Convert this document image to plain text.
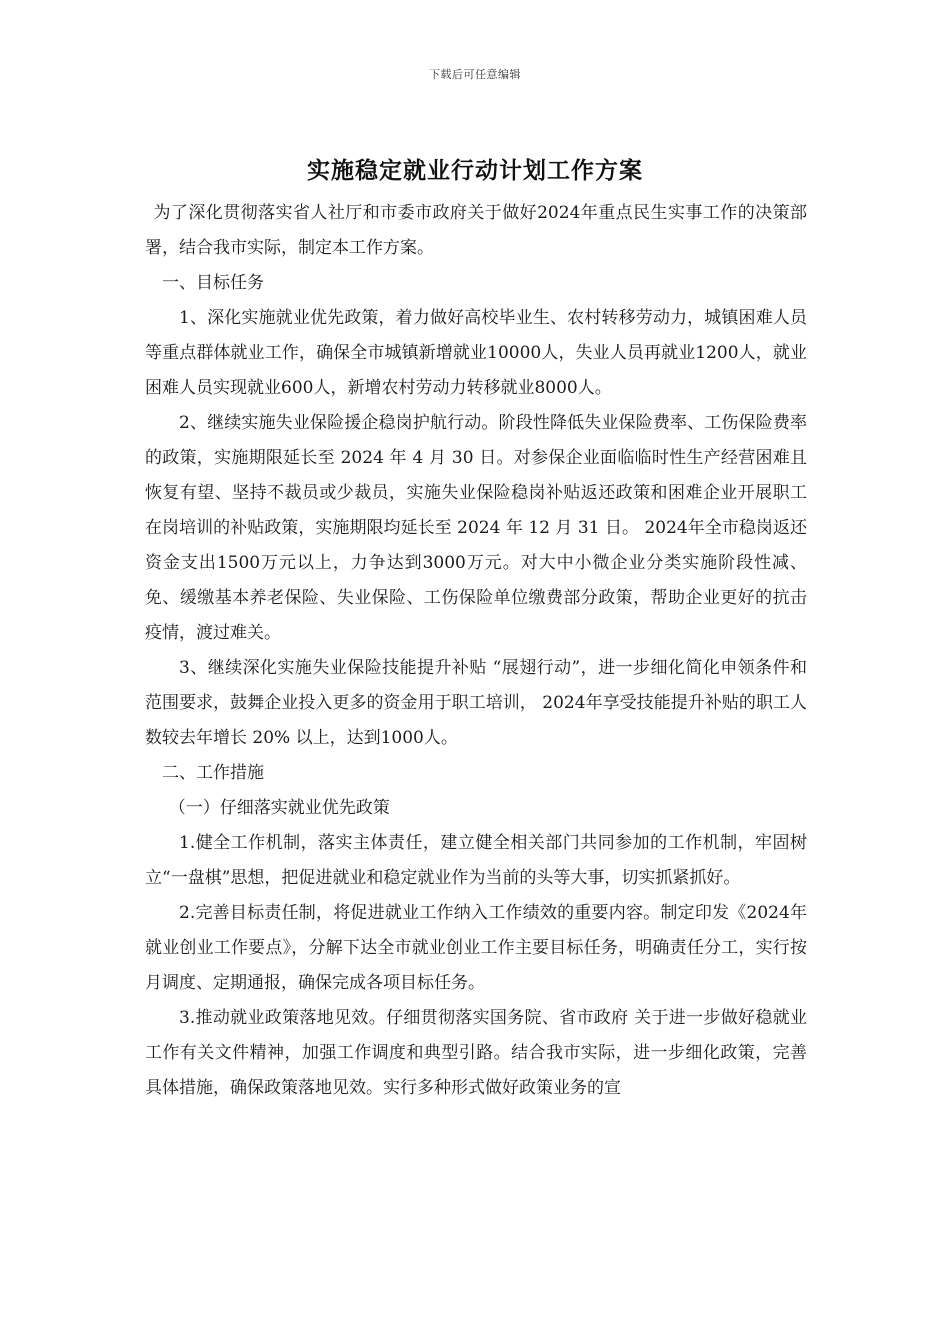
下载后可任意编辑
实施稳定就业行动计划工作方案

为了深化贯彻落实省人社厅和市委市政府关于做好2024年重点民生实事工作的决策部署，结合我市实际，制定本工作方案。

一、目标任务

1、深化实施就业优先政策，着力做好高校毕业生、农村转移劳动力，城镇困难人员等重点群体就业工作，确保全市城镇新增就业10000人，失业人员再就业1200人，就业困难人员实现就业600人，新增农村劳动力转移就业8000人。

2、继续实施失业保险援企稳岗护航行动。阶段性降低失业保险费率、工伤保险费率的政策，实施期限延长至 2024 年 4 月 30 日。对参保企业面临临时性生产经营困难且恢复有望、坚持不裁员或少裁员，实施失业保险稳岗补贴返还政策和困难企业开展职工在岗培训的补贴政策，实施期限均延长至 2024 年 12 月 31 日。 2024年全市稳岗返还资金支出1500万元以上，力争达到3000万元。对大中小微企业分类实施阶段性减、免、缓缴基本养老保险、失业保险、工伤保险单位缴费部分政策，帮助企业更好的抗击疫情，渡过难关。

3、继续深化实施失业保险技能提升补贴 “展翅行动”，进一步细化简化申领条件和范围要求，鼓舞企业投入更多的资金用于职工培训， 2024年享受技能提升补贴的职工人数较去年增长 20% 以上，达到1000人。

二、工作措施

（一）仔细落实就业优先政策

1.健全工作机制，落实主体责任，建立健全相关部门共同参加的工作机制，牢固树立“一盘棋”思想，把促进就业和稳定就业作为当前的头等大事，切实抓紧抓好。

2.完善目标责任制，将促进就业工作纳入工作绩效的重要内容。制定印发《2024年就业创业工作要点》，分解下达全市就业创业工作主要目标任务，明确责任分工，实行按月调度、定期通报，确保完成各项目标任务。

3.推动就业政策落地见效。仔细贯彻落实国务院、省市政府 关于进一步做好稳就业工作有关文件精神，加强工作调度和典型引路。结合我市实际，进一步细化政策，完善具体措施，确保政策落地见效。实行多种形式做好政策业务的宣
